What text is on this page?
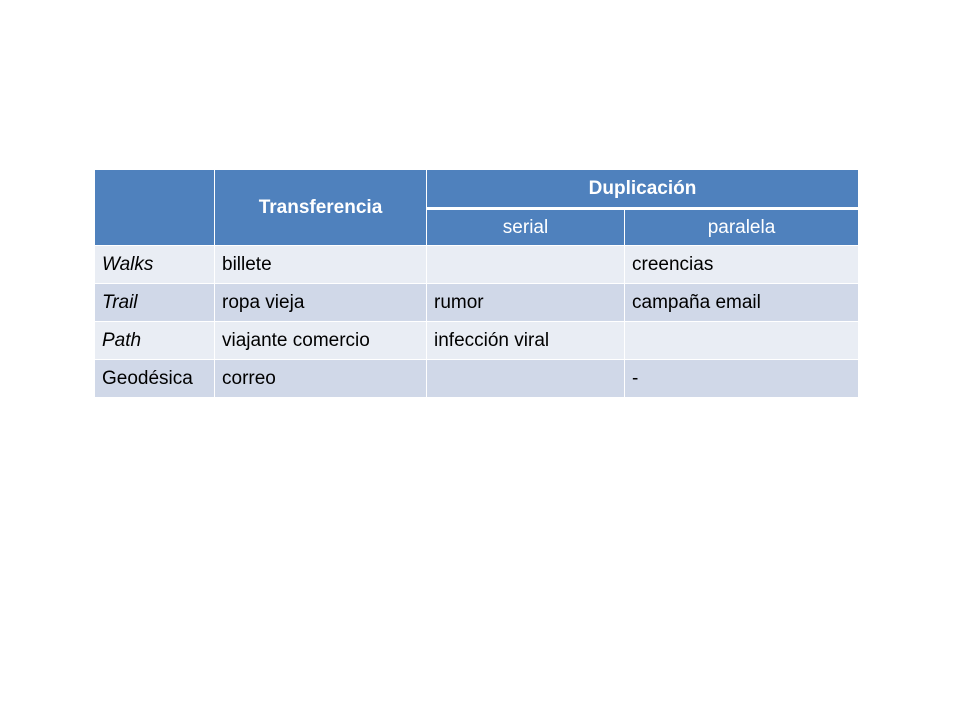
	Transferencia	Duplicación	
		serial	paralela
Walks	billete		creencias
Trail	ropa vieja	rumor	campaña email
Path	viajante comercio	infección viral	
Geodésica	correo		-
